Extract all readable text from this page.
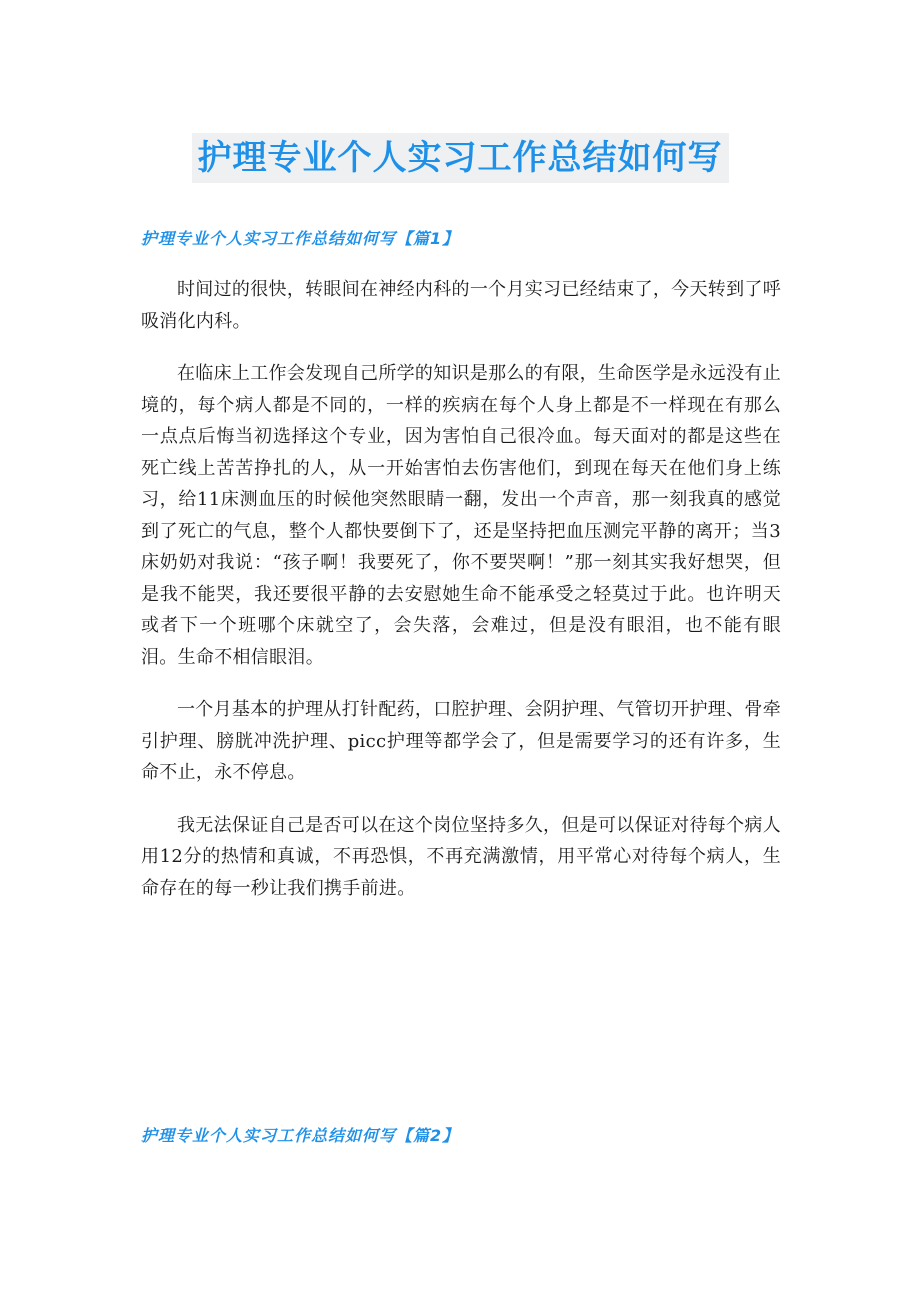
护理专业个人实习工作总结如何写
护理专业个人实习工作总结如何写【篇1】

时间过的很快，转眼间在神经内科的一个月实习已经结束了，今天转到了呼吸消化内科。

在临床上工作会发现自己所学的知识是那么的有限，生命医学是永远没有止境的，每个病人都是不同的，一样的疾病在每个人身上都是不一样现在有那么一点点后悔当初选择这个专业，因为害怕自己很冷血。每天面对的都是这些在死亡线上苦苦挣扎的人，从一开始害怕去伤害他们，到现在每天在他们身上练习，给11床测血压的时候他突然眼睛一翻，发出一个声音，那一刻我真的感觉到了死亡的气息，整个人都快要倒下了，还是坚持把血压测完平静的离开；当3床奶奶对我说：“孩子啊！我要死了，你不要哭啊！”那一刻其实我好想哭，但是我不能哭，我还要很平静的去安慰她生命不能承受之轻莫过于此。也许明天或者下一个班哪个床就空了，会失落，会难过，但是没有眼泪，也不能有眼泪。生命不相信眼泪。

一个月基本的护理从打针配药，口腔护理、会阴护理、气管切开护理、骨牵引护理、膀胱冲洗护理、picc护理等都学会了，但是需要学习的还有许多，生命不止，永不停息。

我无法保证自己是否可以在这个岗位坚持多久，但是可以保证对待每个病人用12分的热情和真诚，不再恐惧，不再充满激情，用平常心对待每个病人，生命存在的每一秒让我们携手前进。

护理专业个人实习工作总结如何写【篇2】
